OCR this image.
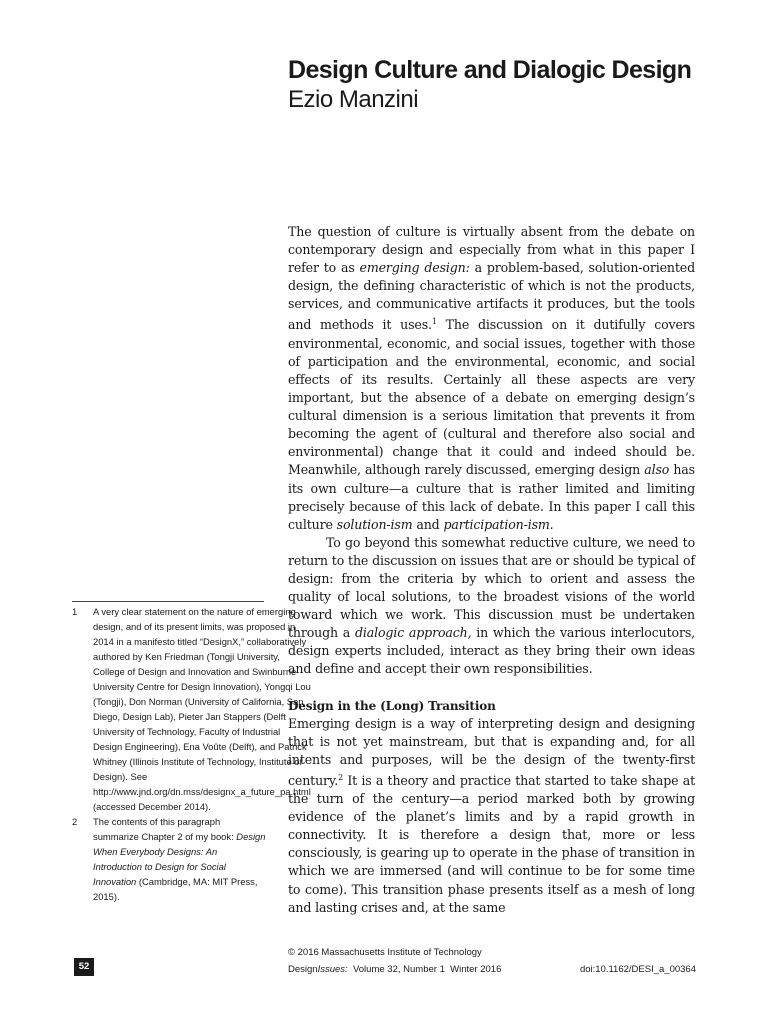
Design Culture and Dialogic Design
Ezio Manzini

The question of culture is virtually absent from the debate on contemporary design and especially from what in this paper I refer to as emerging design: a problem-based, solution-oriented design, the defining characteristic of which is not the products, services, and communicative artifacts it produces, but the tools and methods it uses.$^1$ The discussion on it dutifully covers environmental, economic, and social issues, together with those of participation and the environmental, economic, and social effects of its results. Certainly all these aspects are very important, but the absence of a debate on emerging design’s cultural dimension is a serious limitation that prevents it from becoming the agent of (cultural and therefore also social and environmental) change that it could and indeed should be. Meanwhile, although rarely discussed, emerging design also has its own culture—a culture that is rather limited and limiting precisely because of this lack of debate. In this paper I call this culture solution-ism and participation-ism.

To go beyond this somewhat reductive culture, we need to return to the discussion on issues that are or should be typical of design: from the criteria by which to orient and assess the quality of local solutions, to the broadest visions of the world toward which we work. This discussion must be undertaken through a dialogic approach, in which the various interlocutors, design experts included, interact as they bring their own ideas and define and accept their own responsibilities.

Design in the (Long) Transition

Emerging design is a way of interpreting design and designing that is not yet mainstream, but that is expanding and, for all intents and purposes, will be the design of the twenty-first century.$^2$ It is a theory and practice that started to take shape at the turn of the century—a period marked both by growing evidence of the planet’s limits and by a rapid growth in connectivity. It is therefore a design that, more or less consciously, is gearing up to operate in the phase of transition in which we are immersed (and will continue to be for some time to come). This transition phase presents itself as a mesh of long and lasting crises and, at the same

1	A very clear statement on the nature of emerging design, and of its present limits, was proposed in 2014 in a manifesto titled “DesignX,” collaboratively authored by Ken Friedman (Tongji University, College of Design and Innovation and Swinburne University Centre for Design Innovation), Yongqi Lou (Tongji), Don Norman (University of California, San Diego, Design Lab), Pieter Jan Stappers (Delft University of Technology, Faculty of Industrial Design Engineering), Ena Voûte (Delft), and Patrick Whitney (Illinois Institute of Technology, Institute of Design). See http://www.jnd.org/dn.mss/designx_a_future_pa.html (accessed December 2014).
2	The contents of this paragraph summarize Chapter 2 of my book: Design When Everybody Designs: An Introduction to Design for Social Innovation (Cambridge, MA: MIT Press, 2015).
52
© 2016 Massachusetts Institute of Technology
DesignIssues:  Volume 32, Number 1  Winter 2016	doi:10.1162/DESI_a_00364
